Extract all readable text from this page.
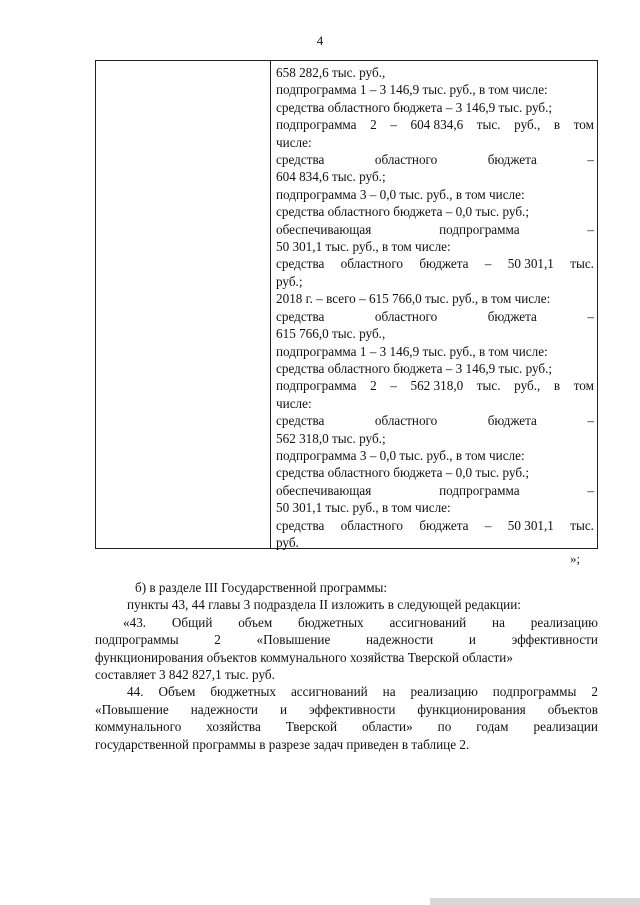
4
658 282,6 тыс. руб.,
подпрограмма 1 – 3 146,9 тыс. руб., в том числе:
средства областного бюджета – 3 146,9 тыс. руб.;
подпрограмма 2 – 604 834,6 тыс. руб., в том
числе:
средства	областного	бюджета	–
604 834,6 тыс. руб.;
подпрограмма 3 – 0,0 тыс. руб., в том числе:
средства областного бюджета – 0,0 тыс. руб.;
обеспечивающая	подпрограмма	–
50 301,1 тыс. руб., в том числе:
средства областного бюджета – 50 301,1 тыс.
руб.;
2018 г. – всего – 615 766,0 тыс. руб., в том числе:
средства	областного	бюджета	–
615 766,0 тыс. руб.,
подпрограмма 1 – 3 146,9 тыс. руб., в том числе:
средства областного бюджета – 3 146,9 тыс. руб.;
подпрограмма 2 – 562 318,0 тыс. руб., в том
числе:
средства	областного	бюджета	–
562 318,0 тыс. руб.;
подпрограмма 3 – 0,0 тыс. руб., в том числе:
средства областного бюджета – 0,0 тыс. руб.;
обеспечивающая	подпрограмма	–
50 301,1 тыс. руб., в том числе:
средства областного бюджета – 50 301,1 тыс.
руб.
»;
б) в разделе III Государственной программы:
пункты 43, 44 главы 3 подраздела II изложить в следующей редакции:
«43. Общий объем бюджетных ассигнований на реализацию
подпрограммы	2	«Повышение	надежности	и	эффективности
функционирования объектов коммунального хозяйства Тверской области»
составляет 3 842 827,1 тыс. руб.
44. Объем бюджетных ассигнований на реализацию подпрограммы 2
«Повышение надежности и эффективности функционирования объектов
коммунального хозяйства Тверской области» по годам реализации
государственной программы в разрезе задач приведен в таблице 2.
